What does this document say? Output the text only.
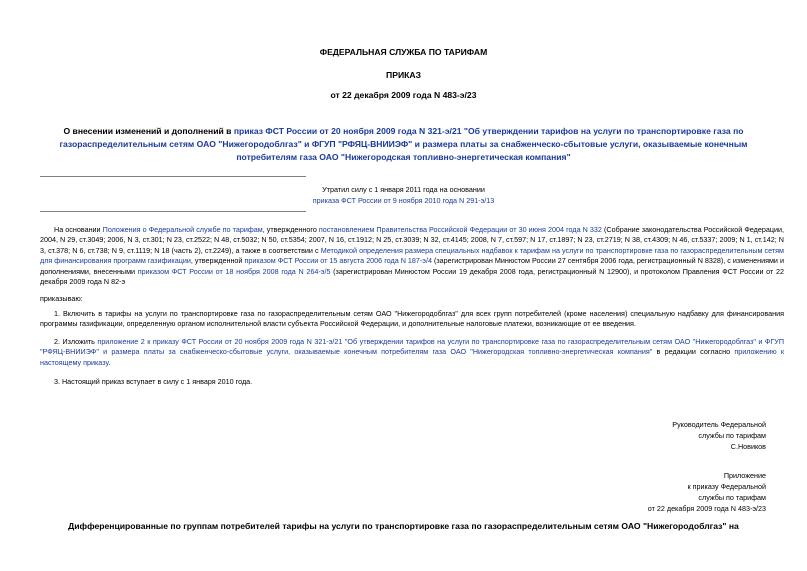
ФЕДЕРАЛЬНАЯ СЛУЖБА ПО ТАРИФАМ
ПРИКАЗ
от 22 декабря 2009 года N 483-э/23
О внесении изменений и дополнений в приказ ФСТ России от 20 ноября 2009 года N 321-э/21 "Об утверждении тарифов на услуги по транспортировке газа по газораспределительным сетям ОАО "Нижегородоблгаз" и ФГУП "РФЯЦ-ВНИИЭФ" и размера платы за снабженческо-сбытовые услуги, оказываемые конечным потребителям газа ОАО "Нижегородская топливно-энергетическая компания"
Утратил силу с 1 января 2011 года на основании
приказа ФСТ России от 9 ноября 2010 года N 291-э/13
На основании Положения о Федеральной службе по тарифам, утвержденного постановлением Правительства Российской Федерации от 30 июня 2004 года N 332 (Собрание законодательства Российской Федерации, 2004, N 29, ст.3049; 2006, N 3, ст.301; N 23, ст.2522; N 48, ст.5032; N 50, ст.5354; 2007, N 16, ст.1912; N 25, ст.3039; N 32, ст.4145; 2008, N 7, ст.597; N 17, ст.1897; N 23, ст.2719; N 38, ст.4309; N 46, ст.5337; 2009; N 1, ст.142; N 3, ст.378; N 6, ст.738; N 9, ст.1119; N 18 (часть 2), ст.2249), а также в соответствии с Методикой определения размера специальных надбавок к тарифам на услуги по транспортировке газа по газораспределительным сетям для финансирования программ газификации, утвержденной приказом ФСТ России от 15 августа 2006 года N 187-э/4 (зарегистрирован Минюстом России 27 сентября 2006 года, регистрационный N 8328), с изменениями и дополнениями, внесенными приказом ФСТ России от 18 ноября 2008 года N 264-э/5 (зарегистрирован Минюстом России 19 декабря 2008 года, регистрационный N 12900), и протоколом Правления ФСТ России от 22 декабря 2009 года N 82-э
приказываю:
1. Включить в тарифы на услуги по транспортировке газа по газораспределительным сетям ОАО "Нижегородоблгаз" для всех групп потребителей (кроме населения) специальную надбавку для финансирования программы газификации, определенную органом исполнительной власти субъекта Российской Федерации, и дополнительные налоговые платежи, возникающие от ее введения.
2. Изложить приложение 2 к приказу ФСТ России от 20 ноября 2009 года N 321-э/21 "Об утверждении тарифов на услуги по транспортировке газа по газораспределительным сетям ОАО "Нижегородоблгаз" и ФГУП "РФЯЦ-ВНИИЭФ" и размера платы за снабженческо-сбытовые услуги, оказываемые конечным потребителям газа ОАО "Нижегородская топливно-энергетическая компания" в редакции согласно приложению к настоящему приказу.
3. Настоящий приказ вступает в силу с 1 января 2010 года.
Руководитель Федеральной
службы по тарифам
С.Новиков
Приложение
к приказу Федеральной
службы по тарифам
от 22 декабря 2009 года N 483-э/23
Дифференцированные по группам потребителей тарифы на услуги по транспортировке газа по газораспределительным сетям ОАО "Нижегородоблгаз" на
